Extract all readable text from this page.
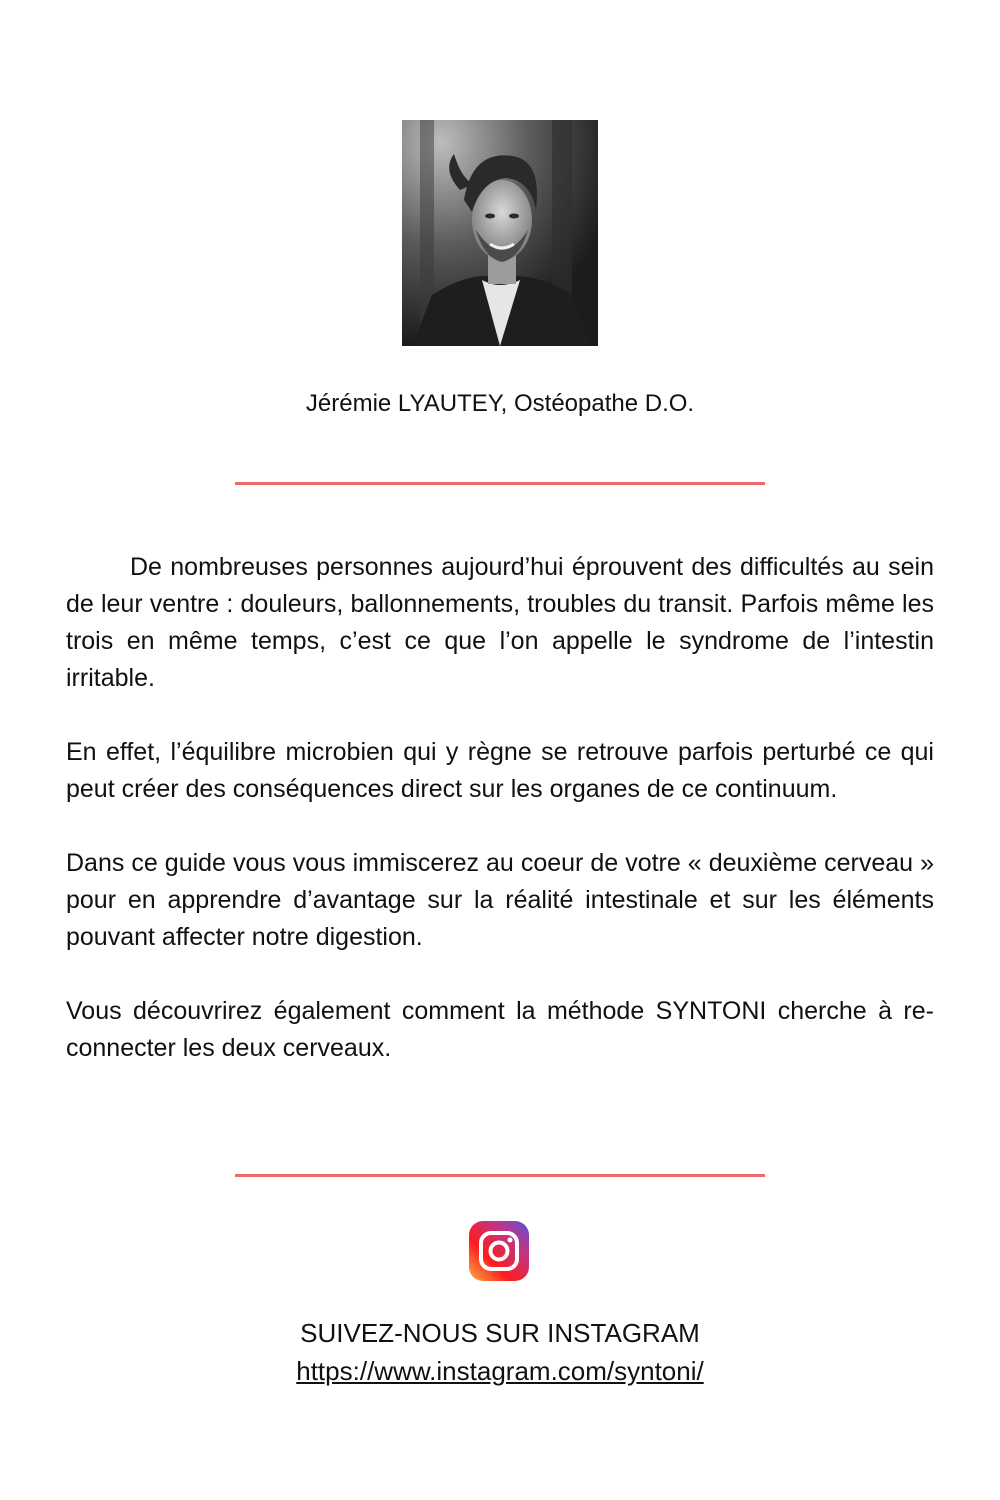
Jérémie LYAUTEY, Ostéopathe D.O.

De nombreuses personnes aujourd’hui éprouvent des difficultés au sein de leur ventre : douleurs, ballonnements, troubles du transit. Parfois même les trois en même temps, c’est ce que l’on appelle le syndrome de l’intestin irritable.

En effet, l’équilibre microbien qui y règne se retrouve parfois perturbé ce qui peut créer des conséquences direct sur les organes de ce continuum.

Dans ce guide vous vous immiscerez au coeur de votre « deuxième cerveau » pour en apprendre d’avantage sur la réalité intestinale et sur les éléments pouvant affecter notre digestion.

Vous découvrirez également comment la méthode SYNTONI cherche à re-connecter les deux cerveaux.

SUIVEZ-NOUS SUR INSTAGRAM
https://www.instagram.com/syntoni/
